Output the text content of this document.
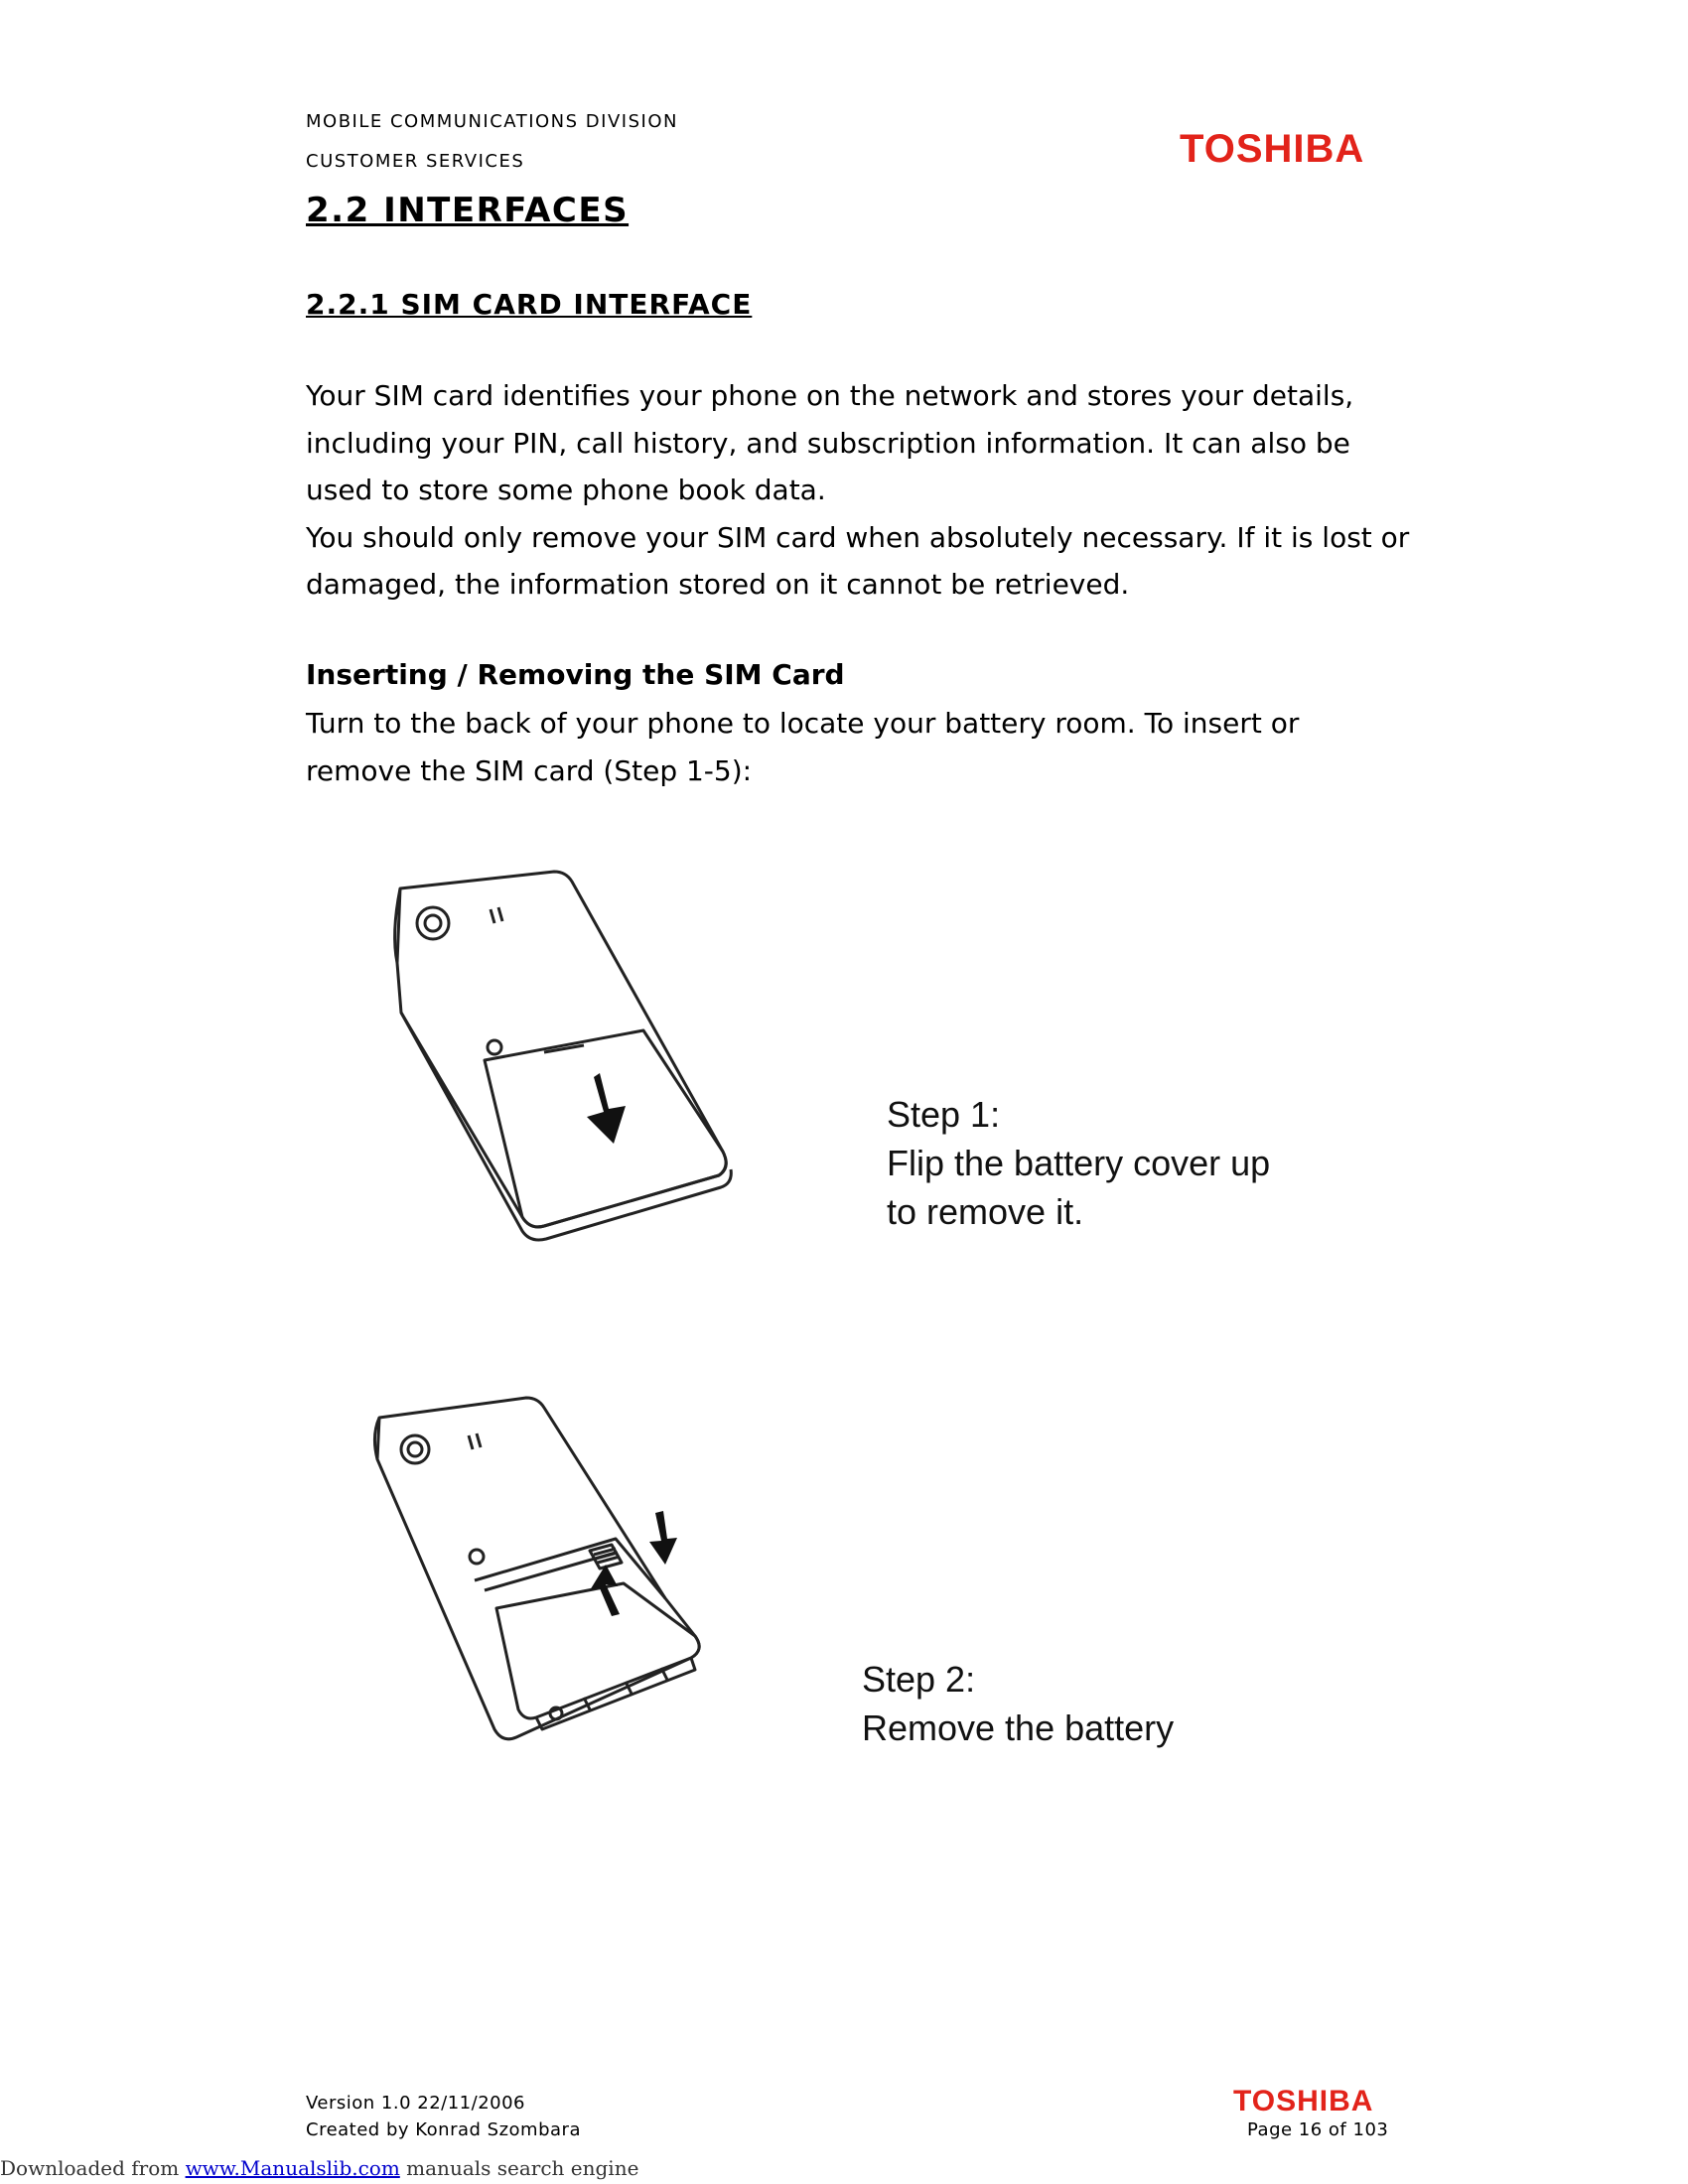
MOBILE COMMUNICATIONS DIVISION
CUSTOMER SERVICES	TOSHIBA
2.2 INTERFACES
2.2.1 SIM CARD INTERFACE

Your SIM card identifies your phone on the network and stores your details, including your PIN, call history, and subscription information. It can also be used to store some phone book data.

You should only remove your SIM card when absolutely necessary. If it is lost or damaged, the information stored on it cannot be retrieved.

Inserting / Removing the SIM Card
Turn to the back of your phone to locate your battery room. To insert or remove the SIM card (Step 1-5):

Step 1:

Flip the battery cover up

to remove it.

Step 2:

Remove the battery

Version 1.0 22/11/2006
Created by Konrad Szombara
TOSHIBA
Page 16 of 103
Downloaded from www.Manualslib.com manuals search engine
